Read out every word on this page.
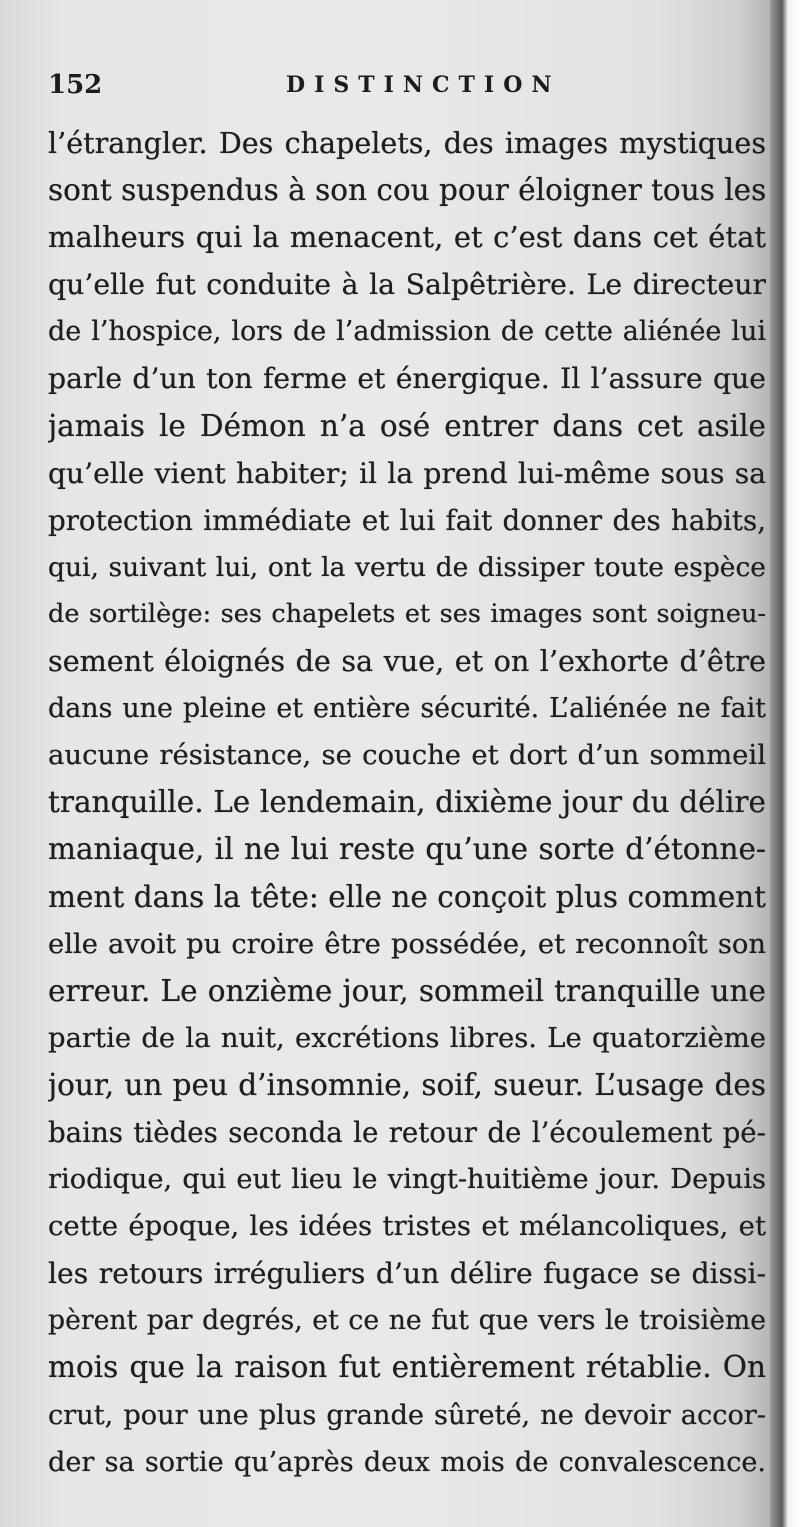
152	DISTINCTION
l’étrangler. Des chapelets, des images mystiques
sont suspendus à son cou pour éloigner tous les
malheurs qui la menacent, et c’est dans cet état
qu’elle fut conduite à la Salpêtrière. Le directeur
de l’hospice, lors de l’admission de cette aliénée lui
parle d’un ton ferme et énergique. Il l’assure que
jamais le Démon n’a osé entrer dans cet asile
qu’elle vient habiter; il la prend lui-même sous sa
protection immédiate et lui fait donner des habits,
qui, suivant lui, ont la vertu de dissiper toute espèce
de sortilège: ses chapelets et ses images sont soigneu-
sement éloignés de sa vue, et on l’exhorte d’être
dans une pleine et entière sécurité. L’aliénée ne fait
aucune résistance, se couche et dort d’un sommeil
tranquille. Le lendemain, dixième jour du délire
maniaque, il ne lui reste qu’une sorte d’étonne-
ment dans la tête: elle ne conçoit plus comment
elle avoit pu croire être possédée, et reconnoît son
erreur. Le onzième jour, sommeil tranquille une
partie de la nuit, excrétions libres. Le quatorzième
jour, un peu d’insomnie, soif, sueur. L’usage des
bains tièdes seconda le retour de l’écoulement pé-
riodique, qui eut lieu le vingt-huitième jour. Depuis
cette époque, les idées tristes et mélancoliques, et
les retours irréguliers d’un délire fugace se dissi-
pèrent par degrés, et ce ne fut que vers le troisième
mois que la raison fut entièrement rétablie. On
crut, pour une plus grande sûreté, ne devoir accor-
der sa sortie qu’après deux mois de convalescence.
